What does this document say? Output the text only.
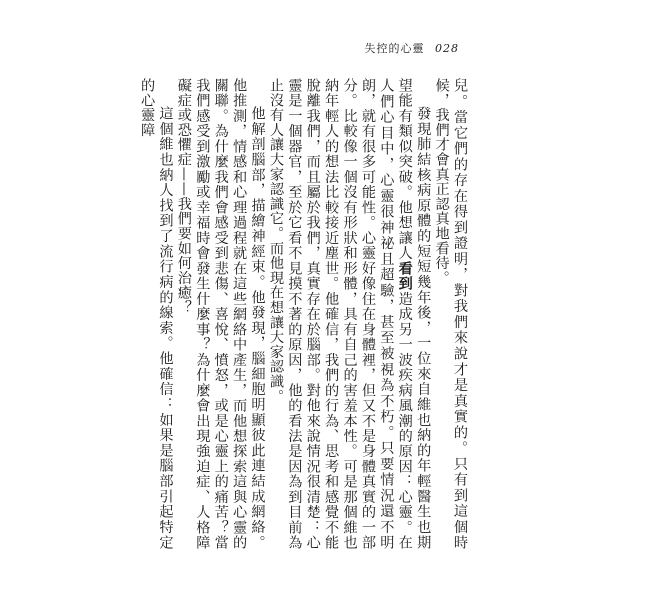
失控的心靈 028

兒。當它們的存在得到證明，對我們來說才是真實的。只有到這個時候，我們才會真正認真地看待。

發現肺結核病原體的短短幾年後，一位來自維也納的年輕醫生也期望能有類似突破。他想讓人看到造成另一波疾病風潮的原因：心靈。在人們心目中，心靈很神祕且超驗，甚至被視為不朽。只要情況還不明朗，就有很多可能性。心靈好像住在身體裡，但又不是身體真實的一部分。比較像一個沒有形狀和形體，具有自己的害羞本性。可是那個維也納年輕人的想法比較接近塵世。他確信，我們的行為、思考和感覺不能脫離我們，而且屬於我們，真實存在於腦部。對他來說情況很清楚：心靈是一個器官，至於它看不見摸不著的原因，他的看法是因為到目前為止沒有人讓大家認識它。而他現在想讓大家認識。

他解剖腦部，描繪神經束。他發現，腦細胞明顯彼此連結成網絡。他推測，情感和心理過程就在這些網絡中產生，而他想探索這與心靈的關聯。為什麼我們會感受到悲傷、喜悅、憤怒，或是心靈上的痛苦？當我們感受到激勵或幸福時會發生什麼事？為什麼會出現強迫症、人格障礙症或恐懼症——我們要如何治癒？

這個維也納人找到了流行病的線索。他確信：如果是腦部引起特定的心靈障
